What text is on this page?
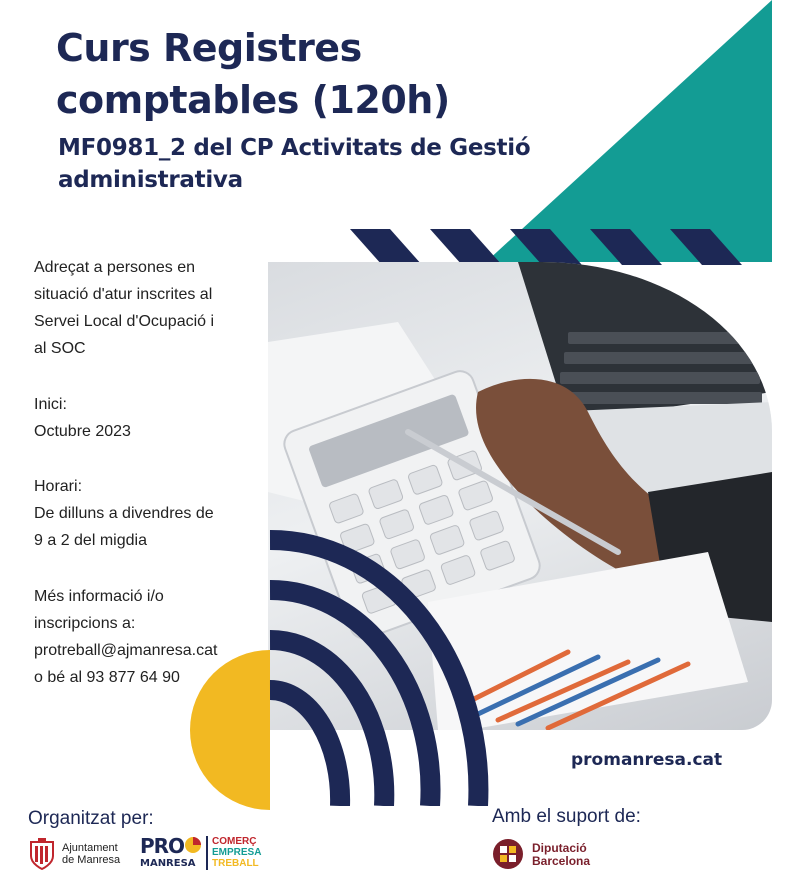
Curs Registres comptables (120h)
MF0981_2 del CP Activitats de Gestió administrativa

Adreçat a persones en

situació d'atur inscrites al

Servei Local d'Ocupació i

al SOC

Inici:

Octubre 2023

Horari:

De dilluns a divendres de

9 a 2 del migdia

Més informació i/o

inscripcions a:

protreball@ajmanresa.cat

o bé al 93 877 64 90

promanresa.cat
Organitzat per:	Amb el suport de:
Ajuntament
de Manresa
PRO
MANRESA
COMERÇ
EMPRESA
TREBALL
Diputació
Barcelona
